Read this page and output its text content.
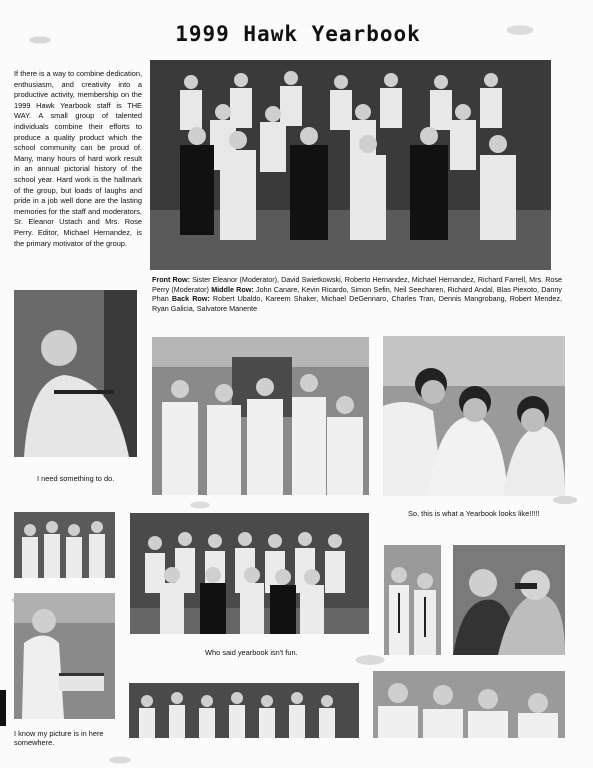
1999 Hawk Yearbook
If there is a way to combine dedication, enthusiasm, and creativity into a productive activity, membership on the 1999 Hawk Yearbook staff is THE WAY. A small group of talented individuals combine their efforts to produce a quality product which the school community can be proud of. Many, many hours of hard work result in an annual pictorial history of the school year. Hard work is the hallmark of the group, but loads of laughs and pride in a job well done are the lasting memories for the staff and moderators, Sr. Eleanor Ustach and Mrs. Rose Perry. Editor, Michael Hernandez, is the primary motivator of the group.
Front Row: Sister Eleanor (Moderator), David Swietkowski, Roberto Hernandez, Michael Hernandez, Richard Farrell, Mrs. Rose Perry (Moderator) Middle Row: John Canare, Kevin Ricardo, Simon Sefin, Neil Seecharen, Richard Andal, Blas Piexoto, Danny Phan Back Row: Robert Ubaldo, Kareem Shaker, Michael DeGennaro, Charles Tran, Dennis Mangrobang, Robert Mendez, Ryan Galicia, Salvatore Manente
I need something to do.
So, this is what a Yearbook looks like!!!!!
Who said yearbook isn't fun.
I know my picture is in here somewhere.
